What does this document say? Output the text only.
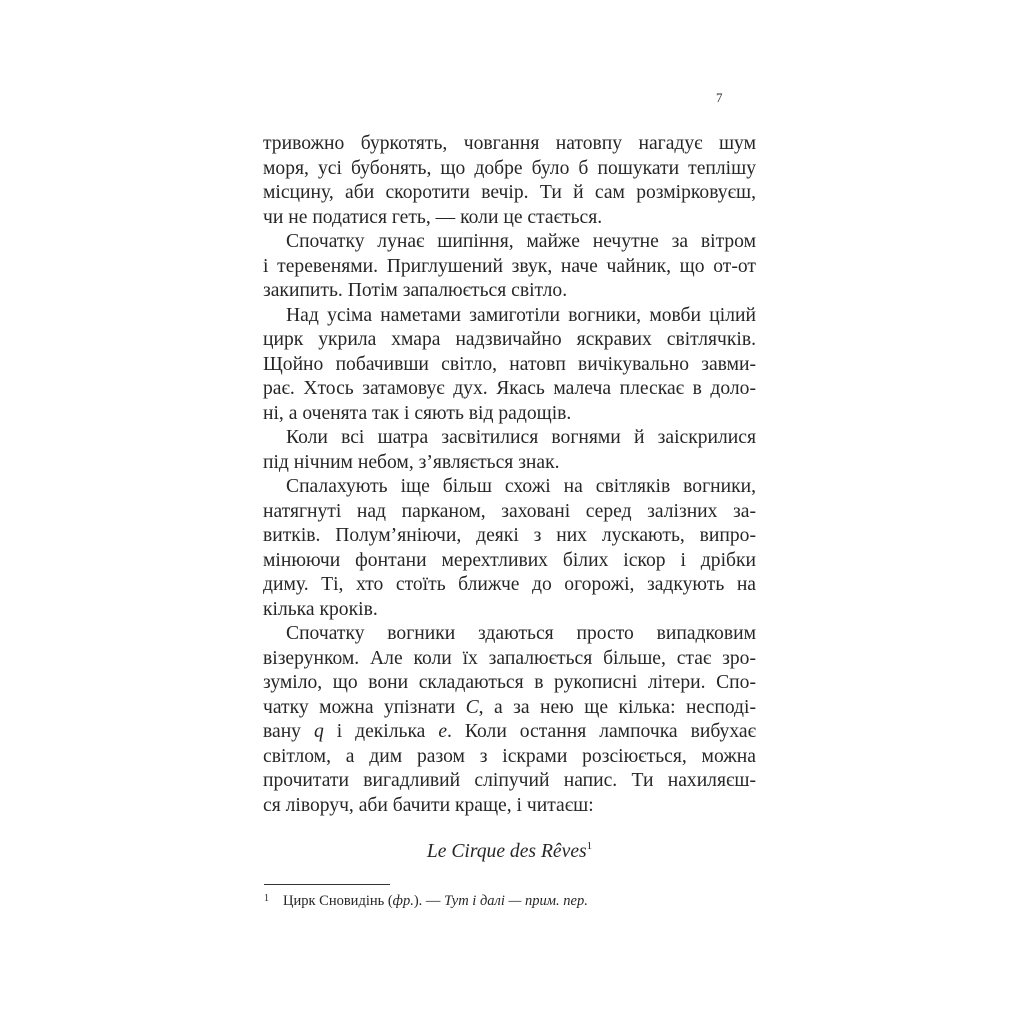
7
тривожно буркотять, човгання натовпу нагадує шум
моря, усі бубонять, що добре було б пошукати теплішу
місцину, аби скоротити вечір. Ти й сам розмірковуєш,
чи не податися геть, — коли це стається.
Спочатку лунає шипіння, майже нечутне за вітром
і теревенями. Приглушений звук, наче чайник, що от-от
закипить. Потім запалюється світло.
Над усіма наметами замиготіли вогники, мовби цілий
цирк укрила хмара надзвичайно яскравих світлячків.
Щойно побачивши світло, натовп вичікувально завми-
рає. Хтось затамовує дух. Якась малеча плескає в доло-
ні, а оченята так і сяють від радощів.
Коли всі шатра засвітилися вогнями й заіскрилися
під нічним небом, з’являється знак.
Спалахують іще більш схожі на світляків вогники,
натягнуті над парканом, заховані серед залізних за-
витків. Полум’яніючи, деякі з них лускають, випро-
мінюючи фонтани мерехтливих білих іскор і дрібки
диму. Ті, хто стоїть ближче до огорожі, задкують на
кілька кроків.
Спочатку вогники здаються просто випадковим
візерунком. Але коли їх запалюється більше, стає зро-
зуміло, що вони складаються в рукописні літери. Спо-
чатку можна упізнати C, а за нею ще кілька: несподі-
вану q і декілька e. Коли остання лампочка вибухає
світлом, а дим разом з іскрами розсіюється, можна
прочитати вигадливий сліпучий напис. Ти нахиляєш-
ся ліворуч, аби бачити краще, і читаєш:
Le Cirque des Rêves$^1$
$^1$ Цирк Сновидінь (фр.). — Тут і далі — прим. пер.
